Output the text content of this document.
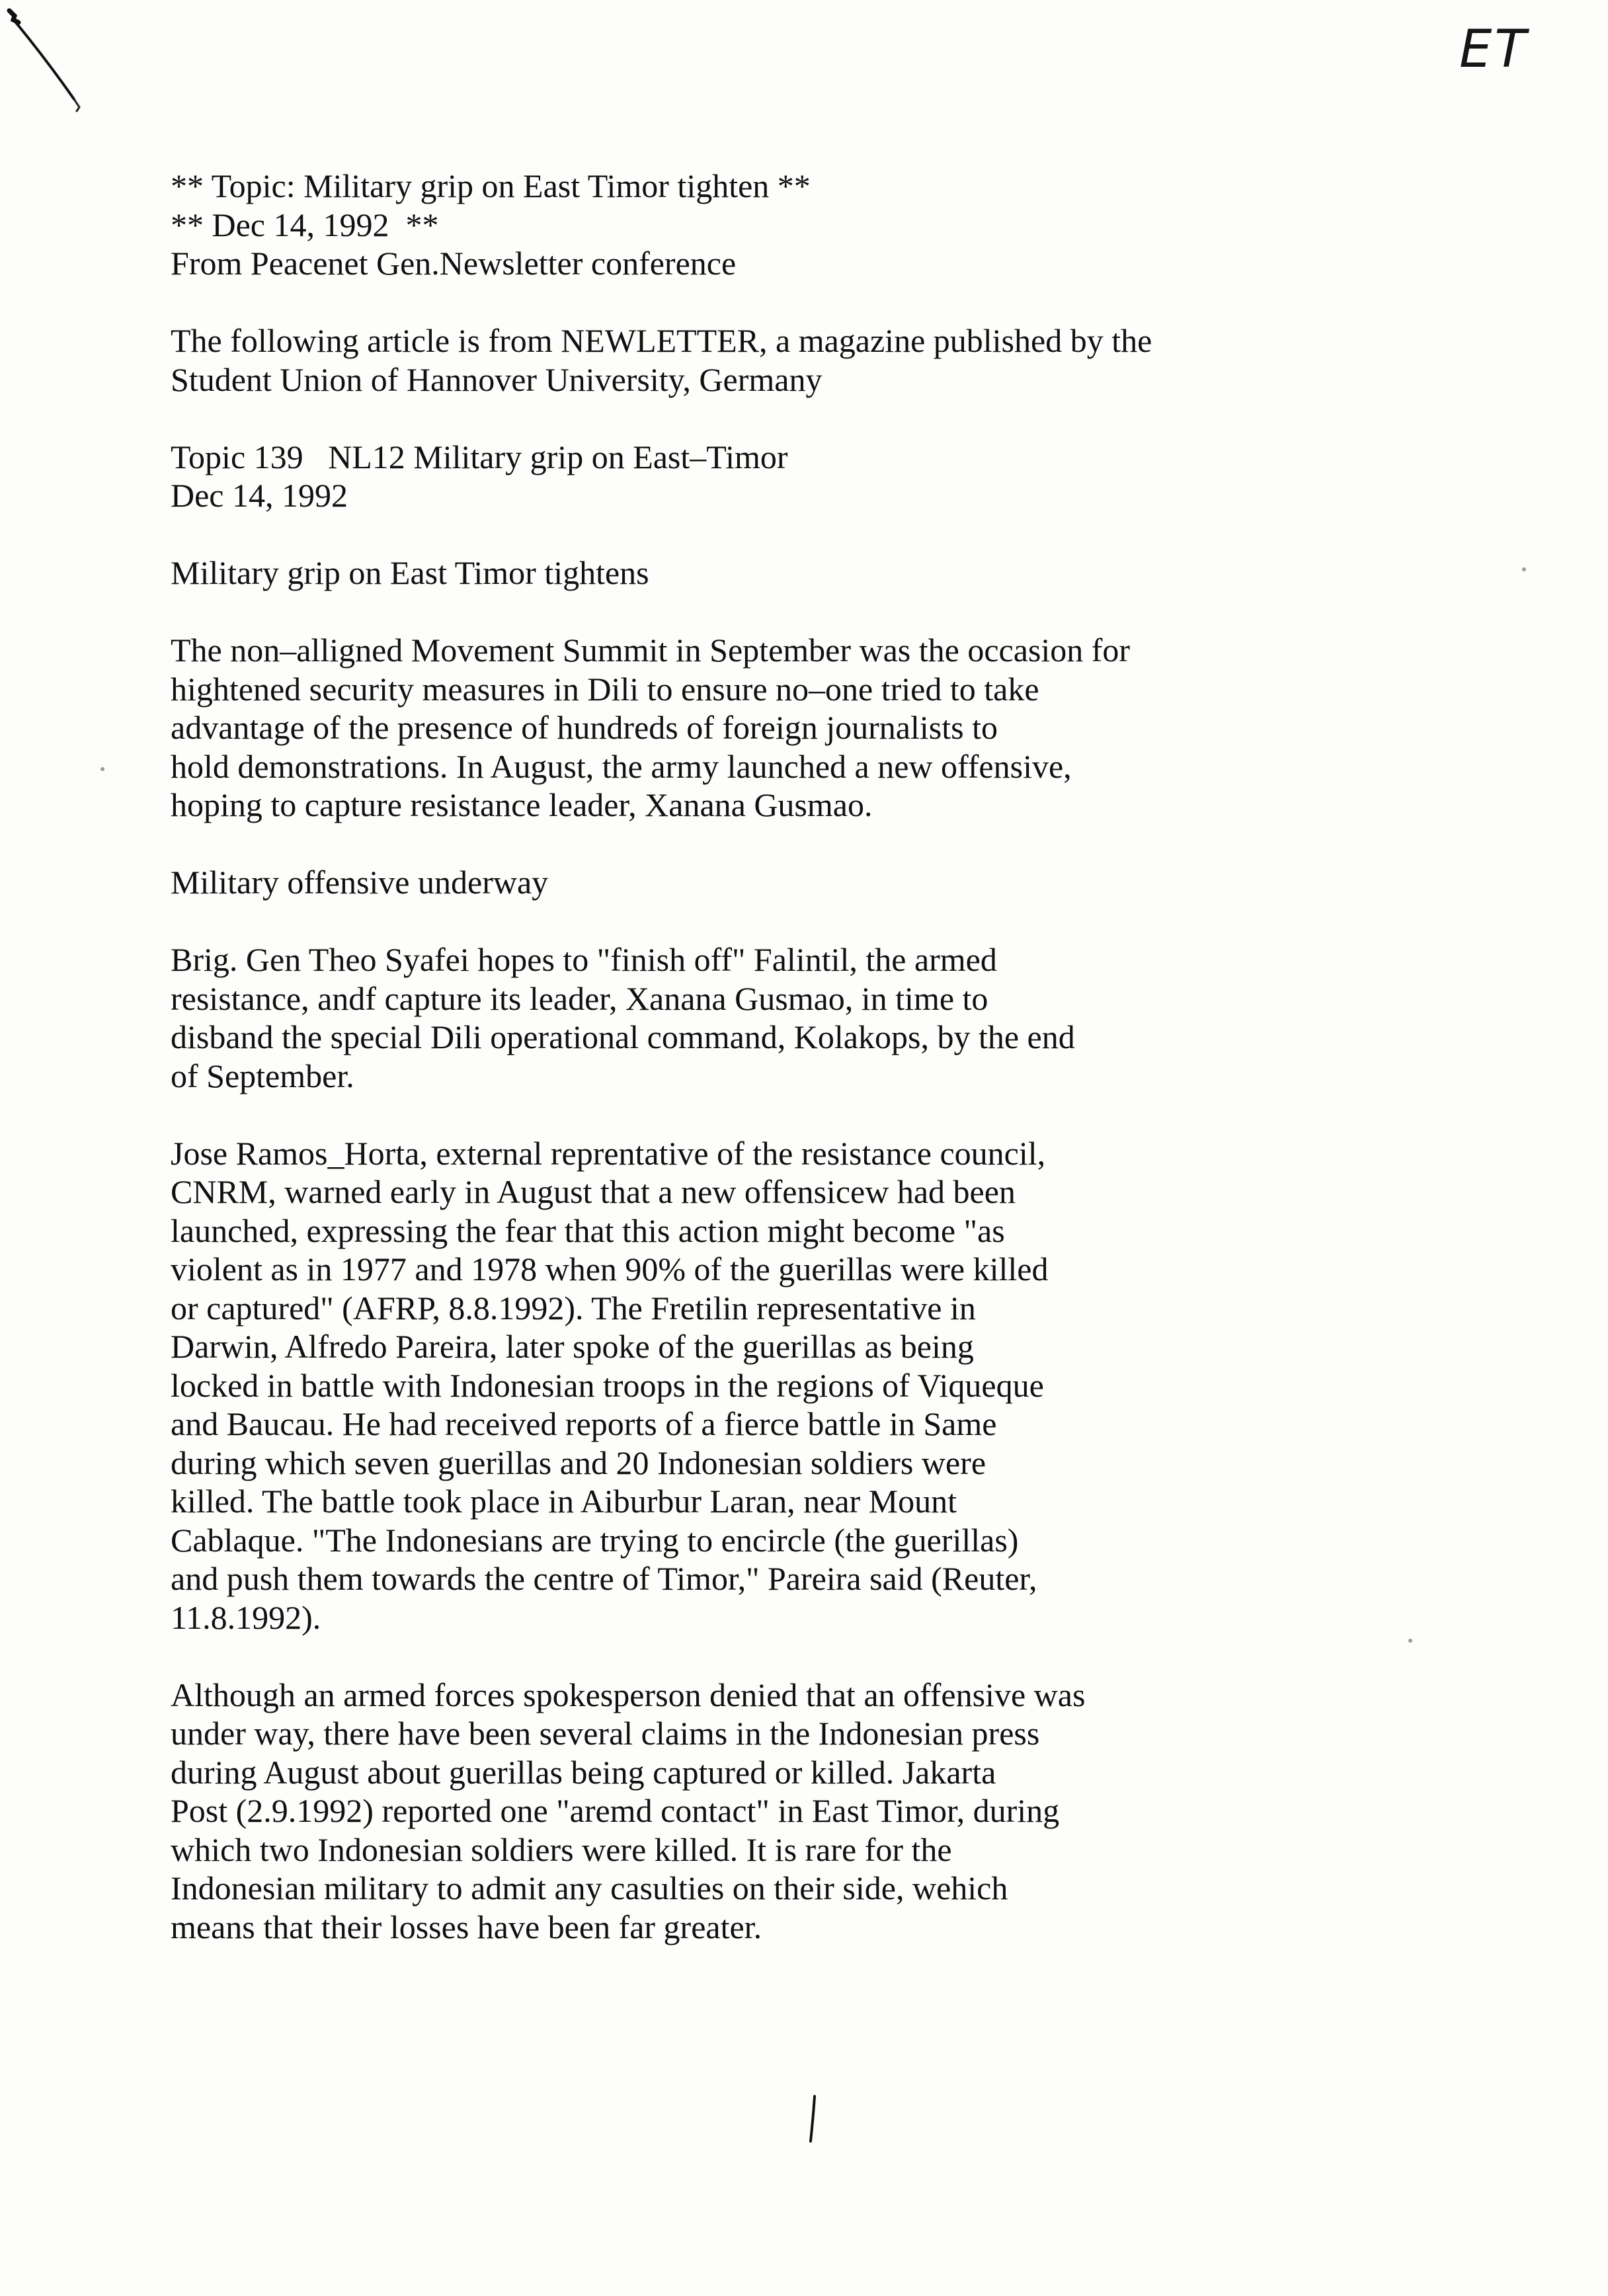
ET
** Topic: Military grip on East Timor tighten **
** Dec 14, 1992  **
From Peacenet Gen.Newsletter conference
The following article is from NEWLETTER, a magazine published by the
Student Union of Hannover University, Germany
Topic 139   NL12 Military grip on East–Timor
Dec 14, 1992
Military grip on East Timor tightens
The non–alligned Movement Summit in September was the occasion for
hightened security measures in Dili to ensure no–one tried to take
advantage of the presence of hundreds of foreign journalists to
hold demonstrations. In August, the army launched a new offensive,
hoping to capture resistance leader, Xanana Gusmao.
Military offensive underway
Brig. Gen Theo Syafei hopes to "finish off" Falintil, the armed
resistance, andf capture its leader, Xanana Gusmao, in time to
disband the special Dili operational command, Kolakops, by the end
of September.
Jose Ramos_Horta, external reprentative of the resistance council,
CNRM, warned early in August that a new offensicew had been
launched, expressing the fear that this action might become "as
violent as in 1977 and 1978 when 90% of the guerillas were killed
or captured" (AFRP, 8.8.1992). The Fretilin representative in
Darwin, Alfredo Pareira, later spoke of the guerillas as being
locked in battle with Indonesian troops in the regions of Viqueque
and Baucau. He had received reports of a fierce battle in Same
during which seven guerillas and 20 Indonesian soldiers were
killed. The battle took place in Aiburbur Laran, near Mount
Cablaque. "The Indonesians are trying to encircle (the guerillas)
and push them towards the centre of Timor," Pareira said (Reuter,
11.8.1992).
Although an armed forces spokesperson denied that an offensive was
under way, there have been several claims in the Indonesian press
during August about guerillas being captured or killed. Jakarta
Post (2.9.1992) reported one "aremd contact" in East Timor, during
which two Indonesian soldiers were killed. It is rare for the
Indonesian military to admit any casulties on their side, wehich
means that their losses have been far greater.
